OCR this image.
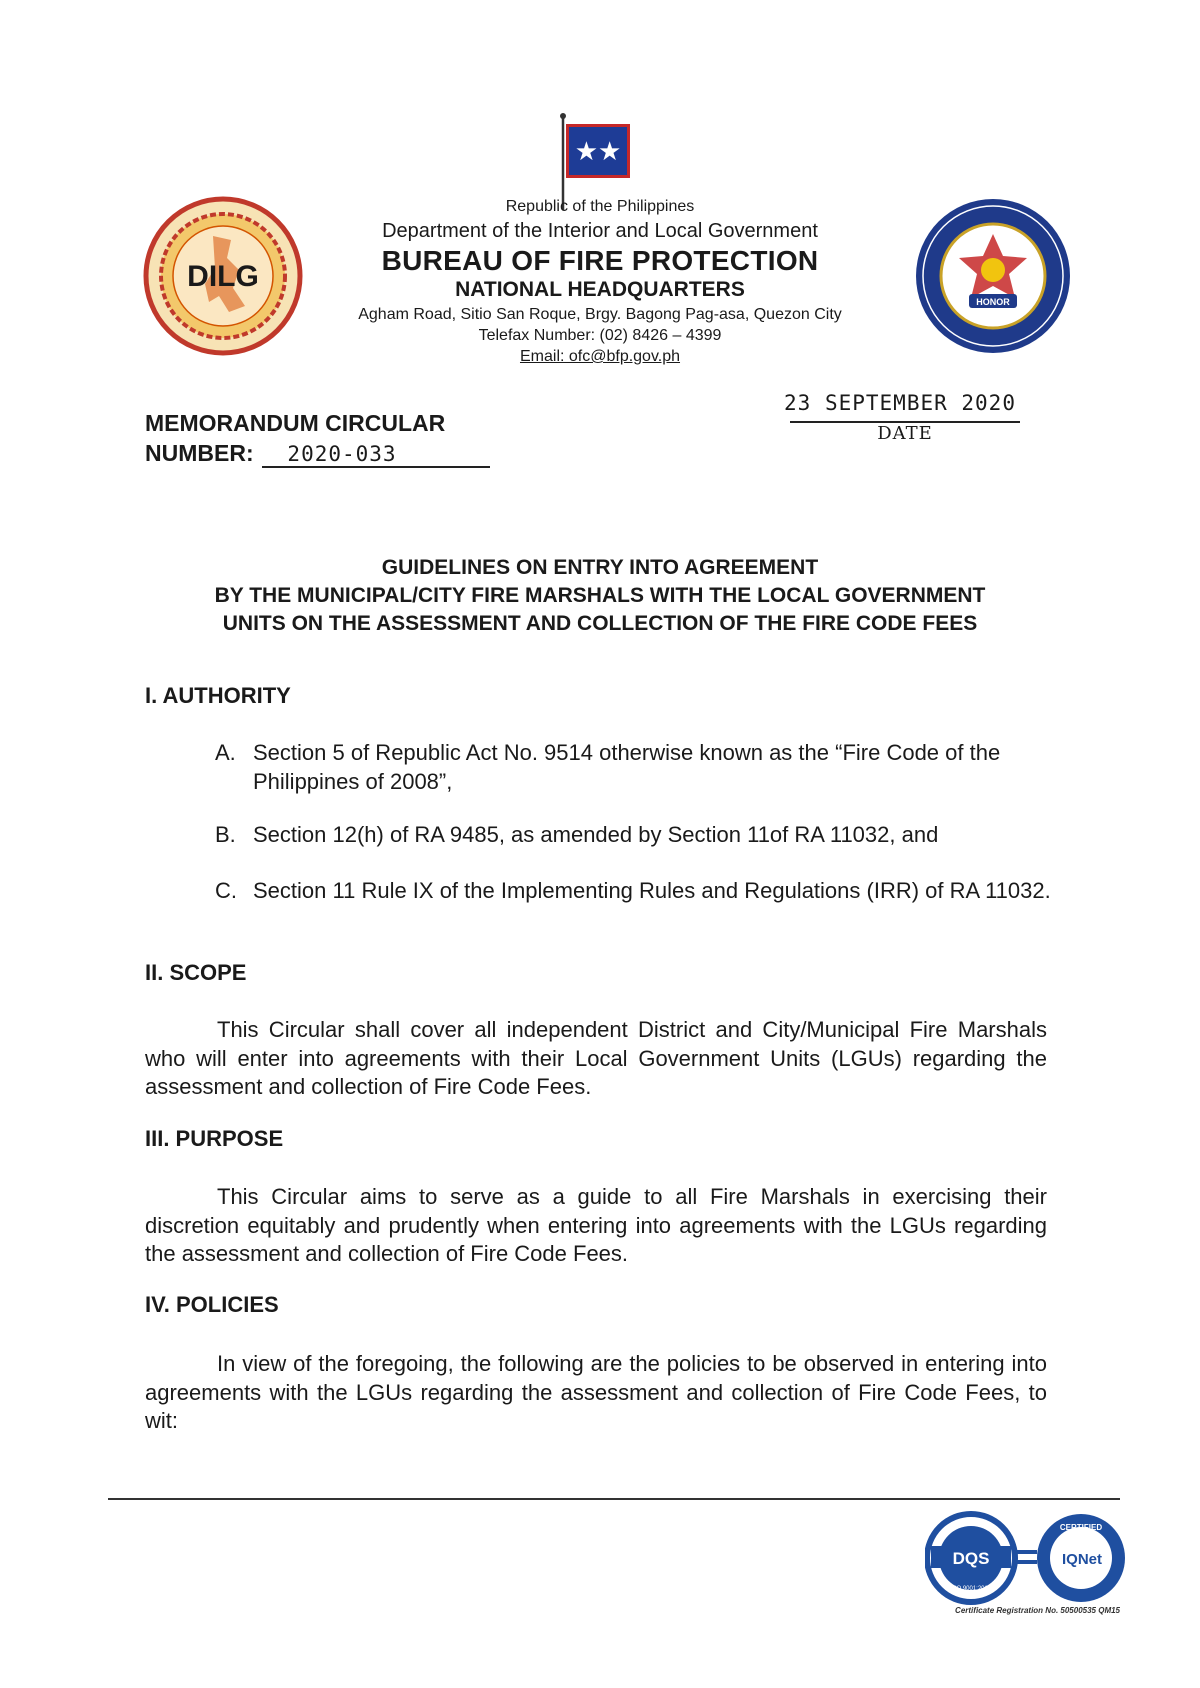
★★
DILG
HONOR
Republic of the Philippines
Department of the Interior and Local Government
BUREAU OF FIRE PROTECTION
NATIONAL HEADQUARTERS
Agham Road, Sitio San Roque, Brgy. Bagong Pag-asa, Quezon City
Telefax Number: (02) 8426 – 4399
Email: ofc@bfp.gov.ph
MEMORANDUM CIRCULAR
NUMBER:	2020-033
23 SEPTEMBER 2020
DATE
GUIDELINES ON ENTRY INTO AGREEMENT
BY THE MUNICIPAL/CITY FIRE MARSHALS WITH THE LOCAL GOVERNMENT
UNITS ON THE ASSESSMENT AND COLLECTION OF THE FIRE CODE FEES
I. AUTHORITY
A. Section 5 of Republic Act No. 9514 otherwise known as the “Fire Code of the Philippines of 2008”,
B. Section 12(h) of RA 9485, as amended by Section 11of RA 11032, and
C. Section 11 Rule IX of the Implementing Rules and Regulations (IRR) of RA 11032.
II. SCOPE
This Circular shall cover all independent District and City/Municipal Fire Marshals who will enter into agreements with their Local Government Units (LGUs) regarding the assessment and collection of Fire Code Fees.
III. PURPOSE
This Circular aims to serve as a guide to all Fire Marshals in exercising their discretion equitably and prudently when entering into agreements with the LGUs regarding the assessment and collection of Fire Code Fees.
IV. POLICIES
In view of the foregoing, the following are the policies to be observed in entering into agreements with the LGUs regarding the assessment and collection of Fire Code Fees, to wit:
DQS
ISO 9001:2015
CERTIFIED
IQNet
Certificate Registration No. 50500535 QM15
